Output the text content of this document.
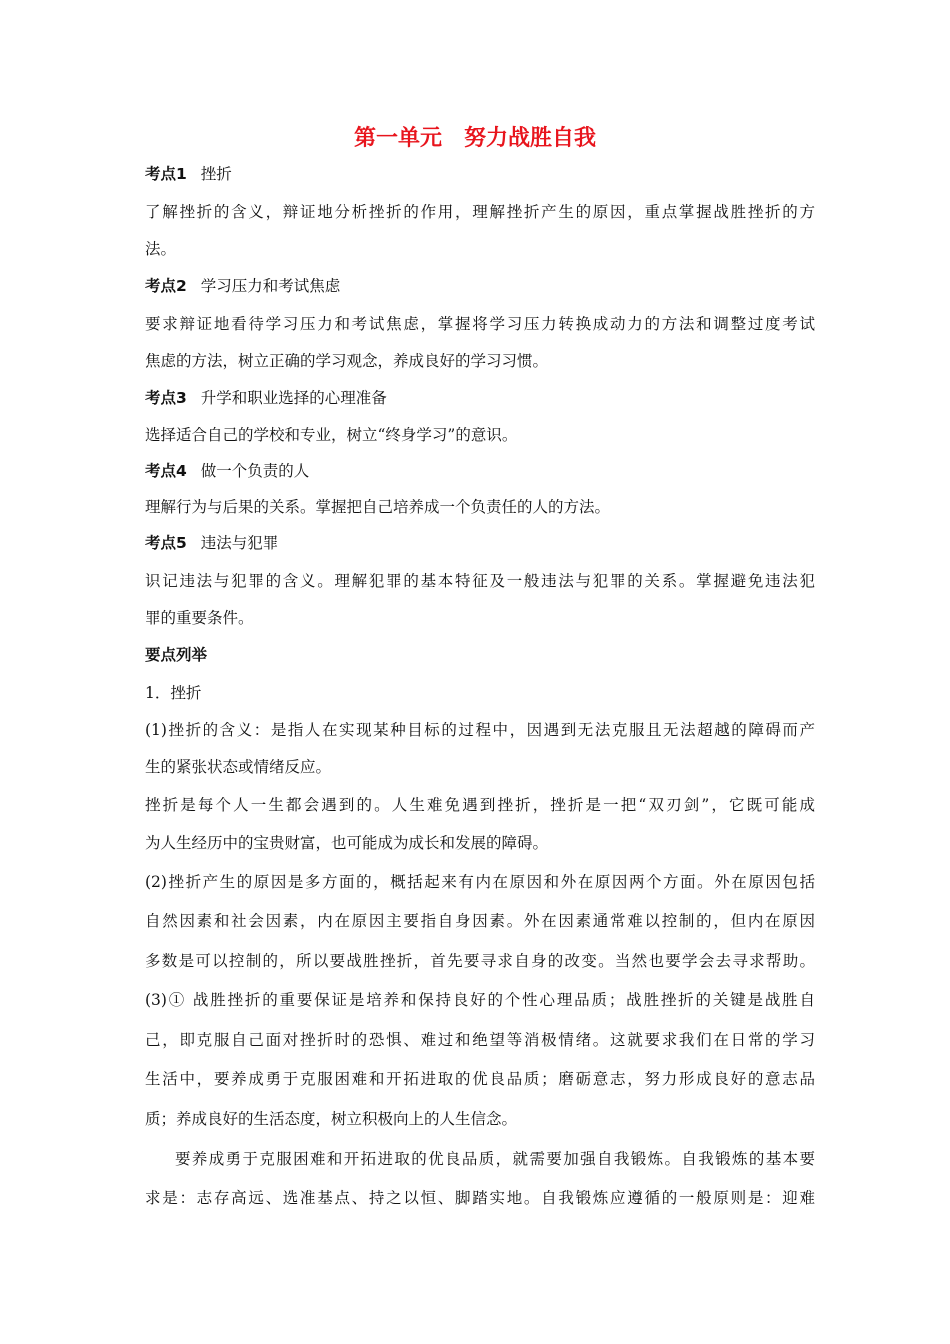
第一单元　努力战胜自我
考点1 挫折
了解挫折的含义，辩证地分析挫折的作用，理解挫折产生的原因，重点掌握战胜挫折的方
法。
考点2 学习压力和考试焦虑
要求辩证地看待学习压力和考试焦虑，掌握将学习压力转换成动力的方法和调整过度考试
焦虑的方法，树立正确的学习观念，养成良好的学习习惯。
考点3 升学和职业选择的心理准备
选择适合自己的学校和专业，树立“终身学习”的意识。
考点4 做一个负责的人
理解行为与后果的关系。掌握把自己培养成一个负责任的人的方法。
考点5 违法与犯罪
识记违法与犯罪的含义。理解犯罪的基本特征及一般违法与犯罪的关系。掌握避免违法犯
罪的重要条件。
要点列举
1．挫折
(1)挫折的含义：是指人在实现某种目标的过程中，因遇到无法克服且无法超越的障碍而产
生的紧张状态或情绪反应。
挫折是每个人一生都会遇到的。人生难免遇到挫折，挫折是一把“双刃剑”，它既可能成
为人生经历中的宝贵财富，也可能成为成长和发展的障碍。
(2)挫折产生的原因是多方面的，概括起来有内在原因和外在原因两个方面。外在原因包括
自然因素和社会因素，内在原因主要指自身因素。外在因素通常难以控制的，但内在原因
多数是可以控制的，所以要战胜挫折，首先要寻求自身的改变。当然也要学会去寻求帮助。
(3)① 战胜挫折的重要保证是培养和保持良好的个性心理品质；战胜挫折的关键是战胜自
己，即克服自己面对挫折时的恐惧、难过和绝望等消极情绪。这就要求我们在日常的学习
生活中，要养成勇于克服困难和开拓进取的优良品质；磨砺意志，努力形成良好的意志品
质；养成良好的生活态度，树立积极向上的人生信念。
要养成勇于克服困难和开拓进取的优良品质，就需要加强自我锻炼。自我锻炼的基本要
求是：志存高远、选准基点、持之以恒、脚踏实地。自我锻炼应遵循的一般原则是：迎难
